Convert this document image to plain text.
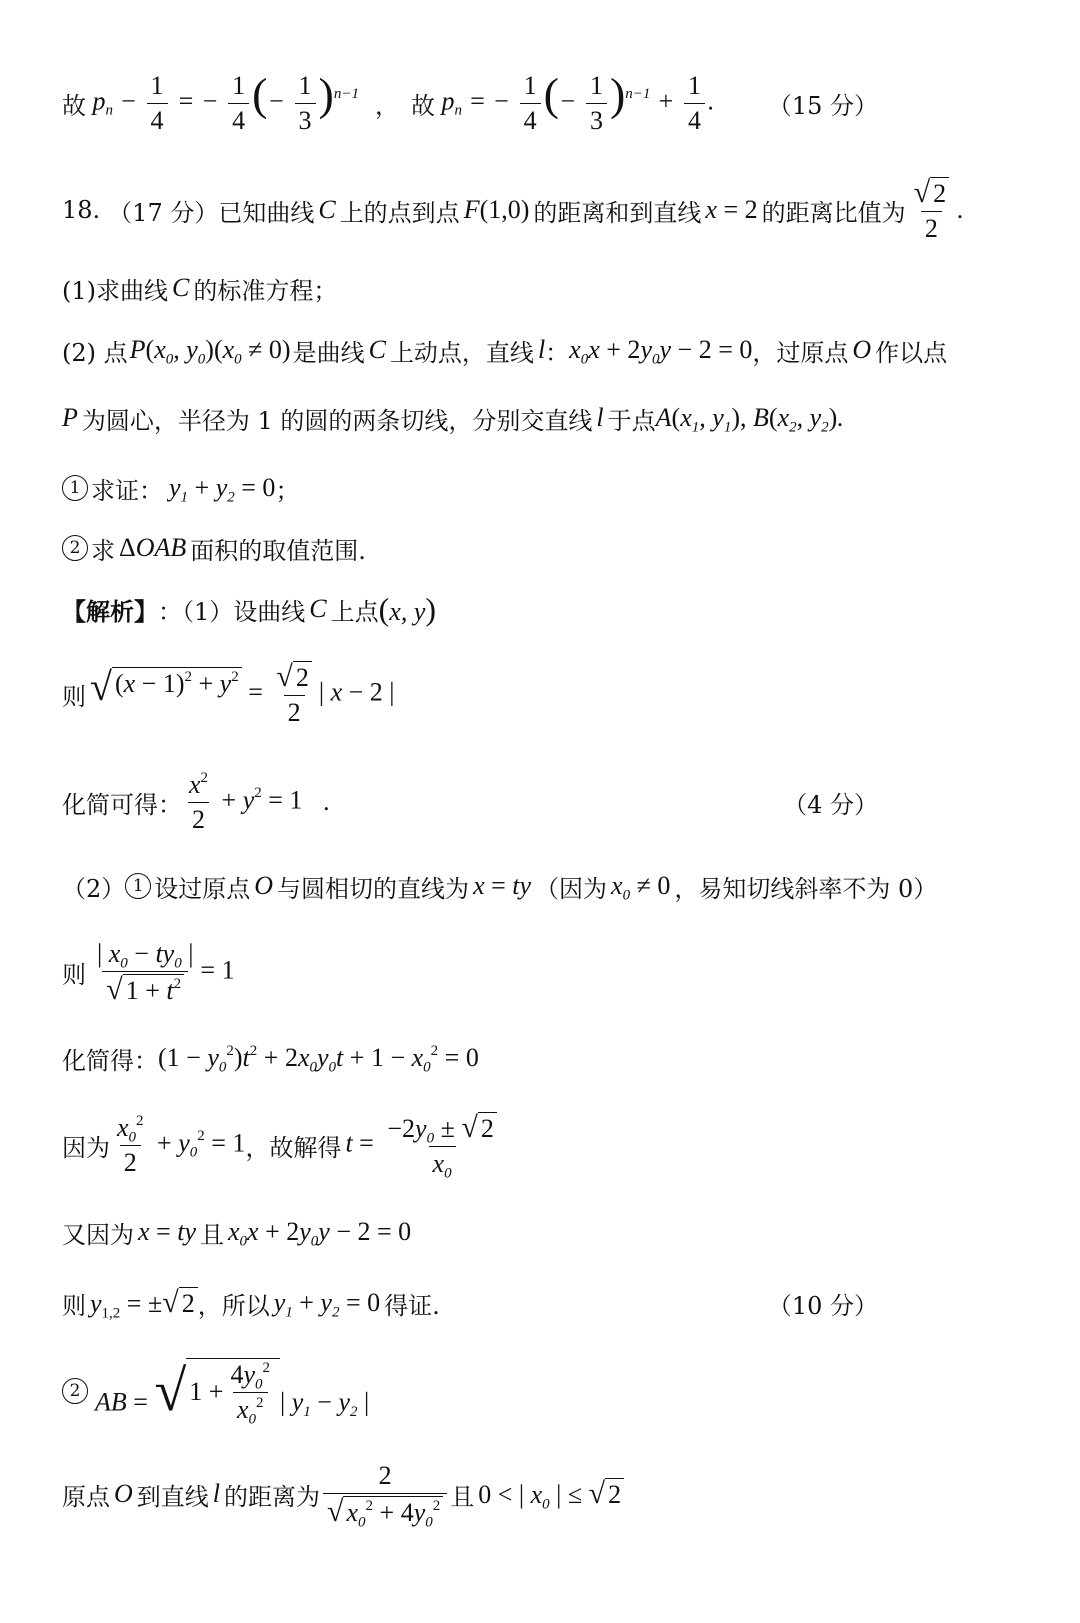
故 $p_n - \frac{1}{4}$ = − $\frac{1}{4}$ (− $\frac{1}{3} )^{n-1}$ ， 故 $p_n$ = − $\frac{1}{4}$ (− $\frac{1}{3} )^{n-1} + \frac{1}{4}$ . （15 分）
18. （17 分）已知曲线 C 上的点到点 F(1,0) 的距离和到直线 x = 2 的距离比值为 $\frac{√ 2}{2}$ .
(1)求曲线 C 的标准方程；
(2) 点 $P(x_0$, $y_0)(x_0 \ne 0)$ 是曲线 C 上动点，直线 l ： $x_0x + 2y_0y - 2 = 0$ ，过原点 O 作以点
P 为圆心，半径为 1 的圆的两条切线，分别交直线 l 于点 $A(x_1$, $y_1$), $B(x_2$, $y_2$).
1 求证： $y_1 + y_2 = 0$ ；
2 求 ΔOAB 面积的取值范围.
【解析】 ：（1）设曲线 C 上点 (x, y)
则 √ $(x - 1)^2 + y^2$
= $\frac{√ 2}{2}$ | x − 2 |
化简可得： $\frac{x^2}{2} + y^2 = 1$ .	（4 分）
（2） 1 设过原点 O 与圆相切的直线为 x = ty （因为 $x_0 \ne 0$ ，易知切线斜率不为 0）
则 $\frac{| x_0 - ty_0 |}{√ 1 + t^2} = 1$
化简得： $(1 - y_0^2)t^2 + 2x_0y_0t + 1 - x_0^2 = 0$
因为 $\frac{x_0^2}{2} + y_0^2 = 1$ ，故解得 $t = \frac{-2y_0 \pm √ 2}{x_0}$
又因为 x = ty 且 $x_0x + 2y_0y - 2 = 0$
则 $y_{1,2}$ = ± √ 2 ，所以 $y_1 + y_2 = 0$ 得证.	（10 分）
2 AB = √ $1 + \frac{4y_0^2}{x_0^2}$ | $y_1 - y_2$ |
原点 O 到直线 l 的距离为 $\frac{2}{√ x_0^2 + 4y_0^2}$ 且 0 < | $x_0$ | ≤ √ 2
